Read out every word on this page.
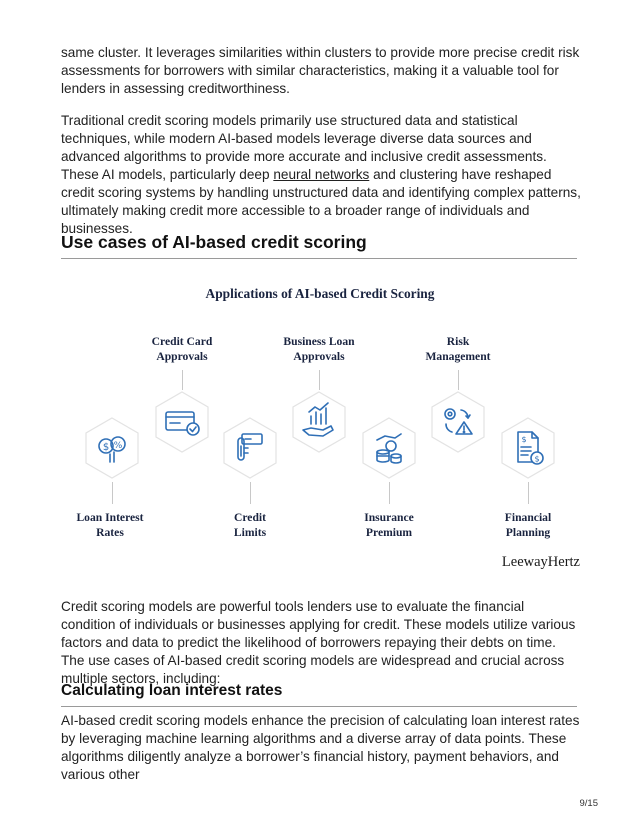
same cluster. It leverages similarities within clusters to provide more precise credit risk assessments for borrowers with similar characteristics, making it a valuable tool for lenders in assessing creditworthiness.

Traditional credit scoring models primarily use structured data and statistical techniques, while modern AI-based models leverage diverse data sources and advanced algorithms to provide more accurate and inclusive credit assessments. These AI models, particularly deep neural networks and clustering have reshaped credit scoring systems by handling unstructured data and identifying complex patterns, ultimately making credit more accessible to a broader range of individuals and businesses.

Use cases of AI-based credit scoring
Applications of AI-based Credit Scoring
Credit Card
Approvals
Business Loan
Approvals
Risk
Management
Loan Interest
Rates
Credit
Limits
Insurance
Premium
Financial
Planning
$ %
$
$
LeewayHertz

Credit scoring models are powerful tools lenders use to evaluate the financial condition of individuals or businesses applying for credit. These models utilize various factors and data to predict the likelihood of borrowers repaying their debts on time. The use cases of AI-based credit scoring models are widespread and crucial across multiple sectors, including:

Calculating loan interest rates

AI-based credit scoring models enhance the precision of calculating loan interest rates by leveraging machine learning algorithms and a diverse array of data points. These algorithms diligently analyze a borrower’s financial history, payment behaviors, and various other

9/15
